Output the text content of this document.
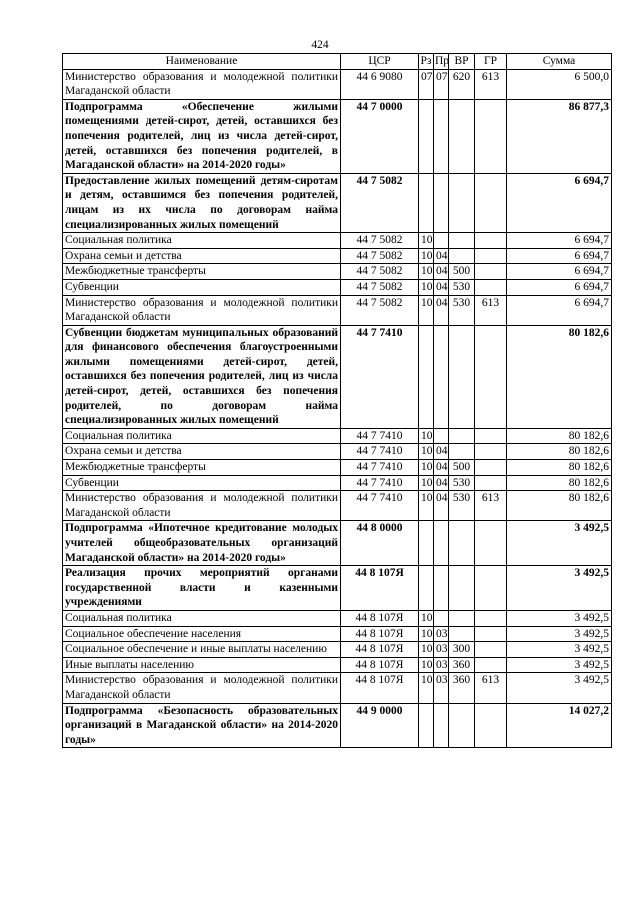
424
Наименование	ЦСР	Рз	Пр	ВР	ГР	Сумма
Министерство образования и молодежной политики Магаданской области	44 6 9080	07	07	620	613	6 500,0
Подпрограмма «Обеспечение жилыми помещениями детей-сирот, детей, оставшихся без попечения родителей, лиц из числа детей-сирот, детей, оставшихся без попечения родителей, в Магаданской области» на 2014-2020 годы»	44 7 0000					86 877,3
Предоставление жилых помещений детям-сиротам и детям, оставшимся без попечения родителей, лицам из их числа по договорам найма специализированных жилых помещений	44 7 5082					6 694,7
Социальная политика	44 7 5082	10				6 694,7
Охрана семьи и детства	44 7 5082	10	04			6 694,7
Межбюджетные трансферты	44 7 5082	10	04	500		6 694,7
Субвенции	44 7 5082	10	04	530		6 694,7
Министерство образования и молодежной политики Магаданской области	44 7 5082	10	04	530	613	6 694,7
Субвенции бюджетам муниципальных образований для финансового обеспечения благоустроенными жилыми помещениями детей-сирот, детей, оставшихся без попечения родителей, лиц из числа детей-сирот, детей, оставшихся без попечения родителей, по договорам найма специализированных жилых помещений	44 7 7410					80 182,6
Социальная политика	44 7 7410	10				80 182,6
Охрана семьи и детства	44 7 7410	10	04			80 182,6
Межбюджетные трансферты	44 7 7410	10	04	500		80 182,6
Субвенции	44 7 7410	10	04	530		80 182,6
Министерство образования и молодежной политики Магаданской области	44 7 7410	10	04	530	613	80 182,6
Подпрограмма «Ипотечное кредитование молодых учителей общеобразовательных организаций Магаданской области» на 2014-2020 годы»	44 8 0000					3 492,5
Реализация прочих мероприятий органами государственной власти и казенными учреждениями	44 8 107Я					3 492,5
Социальная политика	44 8 107Я	10				3 492,5
Социальное обеспечение населения	44 8 107Я	10	03			3 492,5
Социальное обеспечение и иные выплаты населению	44 8 107Я	10	03	300		3 492,5
Иные выплаты населению	44 8 107Я	10	03	360		3 492,5
Министерство образования и молодежной политики Магаданской области	44 8 107Я	10	03	360	613	3 492,5
Подпрограмма «Безопасность образовательных организаций в Магаданской области» на 2014-2020 годы»	44 9 0000					14 027,2
